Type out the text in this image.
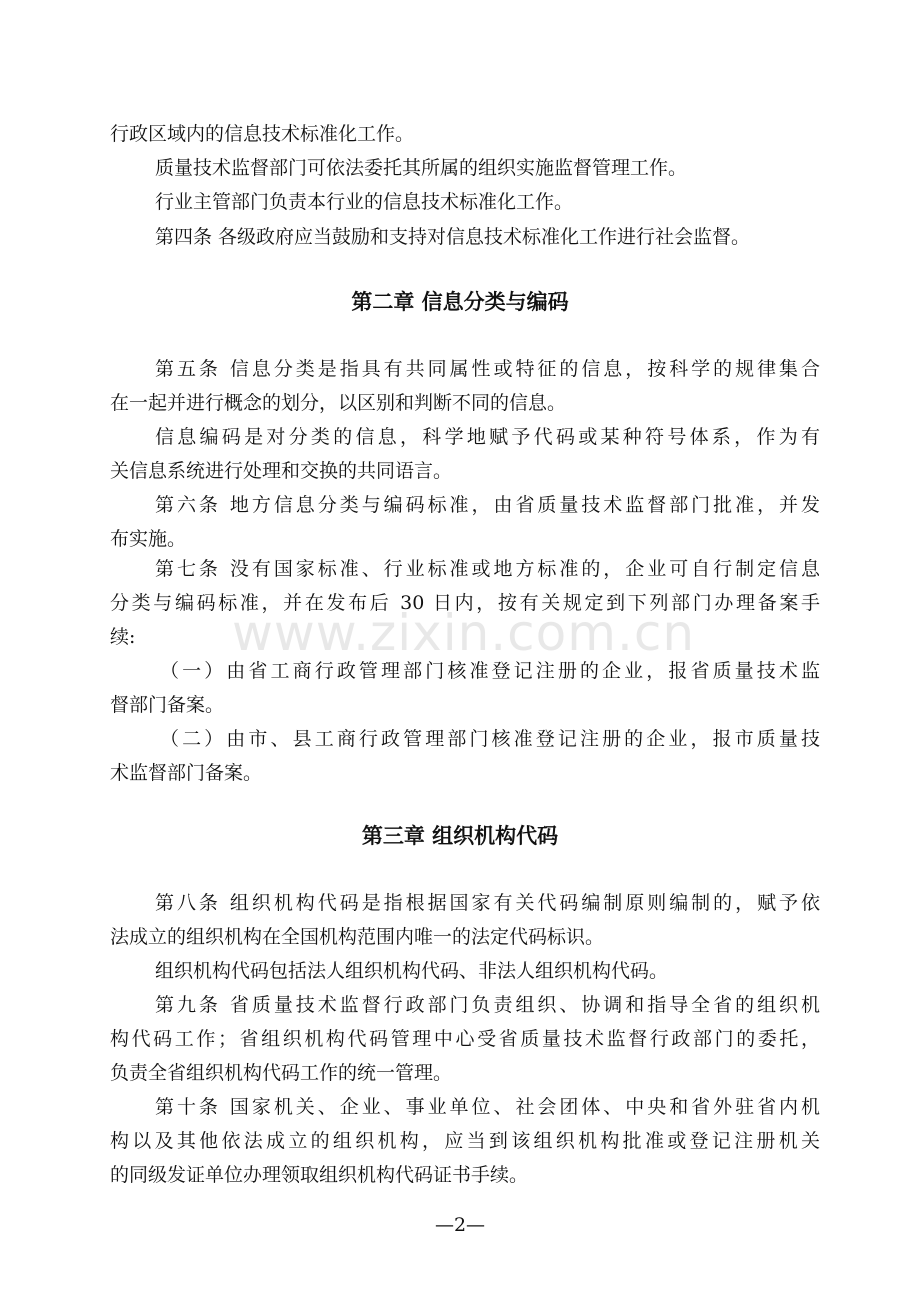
www.zixin.com.cn
行政区域内的信息技术标准化工作。
质量技术监督部门可依法委托其所属的组织实施监督管理工作。
行业主管部门负责本行业的信息技术标准化工作。
第四条 各级政府应当鼓励和支持对信息技术标准化工作进行社会监督。
第二章 信息分类与编码
第五条 信息分类是指具有共同属性或特征的信息，按科学的规律集合
在一起并进行概念的划分，以区别和判断不同的信息。
信息编码是对分类的信息，科学地赋予代码或某种符号体系，作为有
关信息系统进行处理和交换的共同语言。
第六条 地方信息分类与编码标准，由省质量技术监督部门批准，并发
布实施。
第七条 没有国家标准、行业标准或地方标准的，企业可自行制定信息
分类与编码标准，并在发布后 30 日内，按有关规定到下列部门办理备案手
续:
（一）由省工商行政管理部门核准登记注册的企业，报省质量技术监
督部门备案。
（二）由市、县工商行政管理部门核准登记注册的企业，报市质量技
术监督部门备案。
第三章 组织机构代码
第八条 组织机构代码是指根据国家有关代码编制原则编制的，赋予依
法成立的组织机构在全国机构范围内唯一的法定代码标识。
组织机构代码包括法人组织机构代码、非法人组织机构代码。
第九条 省质量技术监督行政部门负责组织、协调和指导全省的组织机
构代码工作；省组织机构代码管理中心受省质量技术监督行政部门的委托，
负责全省组织机构代码工作的统一管理。
第十条 国家机关、企业、事业单位、社会团体、中央和省外驻省内机
构以及其他依法成立的组织机构，应当到该组织机构批准或登记注册机关
的同级发证单位办理领取组织机构代码证书手续。
—2—
